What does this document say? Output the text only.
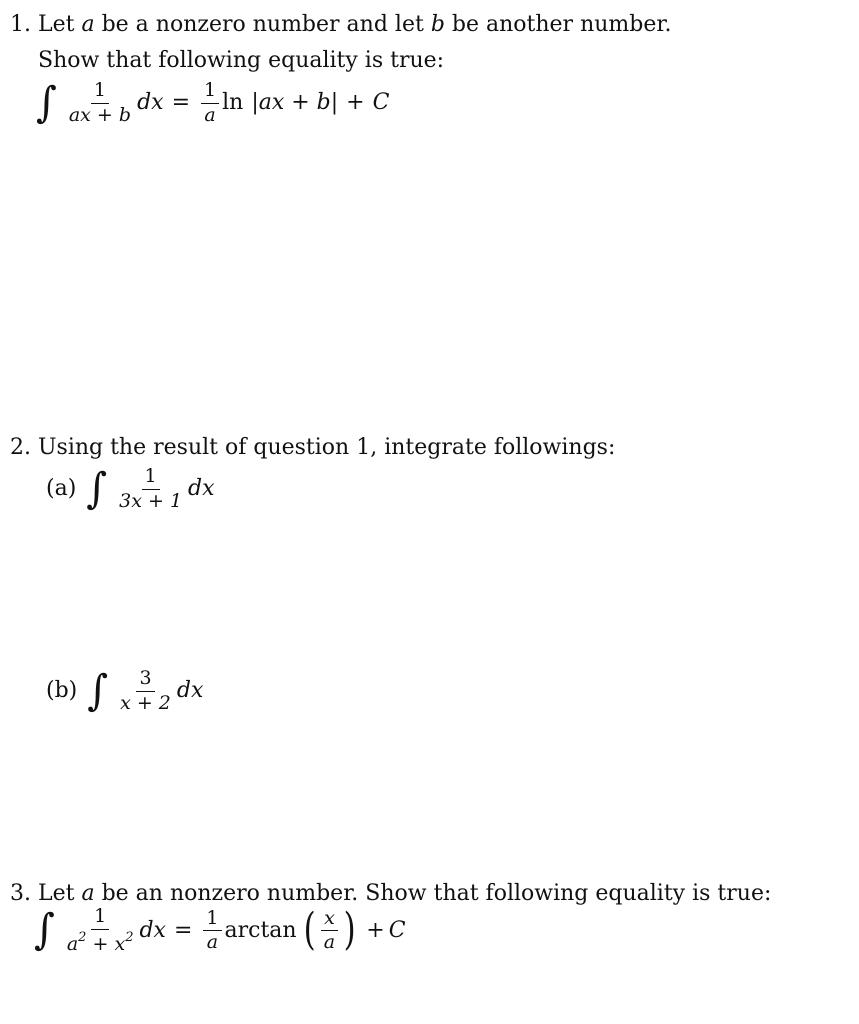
1. Let a be a nonzero number and let b be another number.
Show that following equality is true:
∫ $\frac{1}{ax + b}$ dx = $\frac{1}{a}$ ln |ax + b| + C
2. Using the result of question 1, integrate followings:
(a) ∫ $\frac{1}{3x + 1}$ dx
(b) ∫ $\frac{3}{x + 2}$ dx
3. Let a be an nonzero number. Show that following equality is true:
∫ $\frac{1}{a^2 + x^2}$ dx = $\frac{1}{a}$ arctan ( $\frac{x}{a}$ ) + C
